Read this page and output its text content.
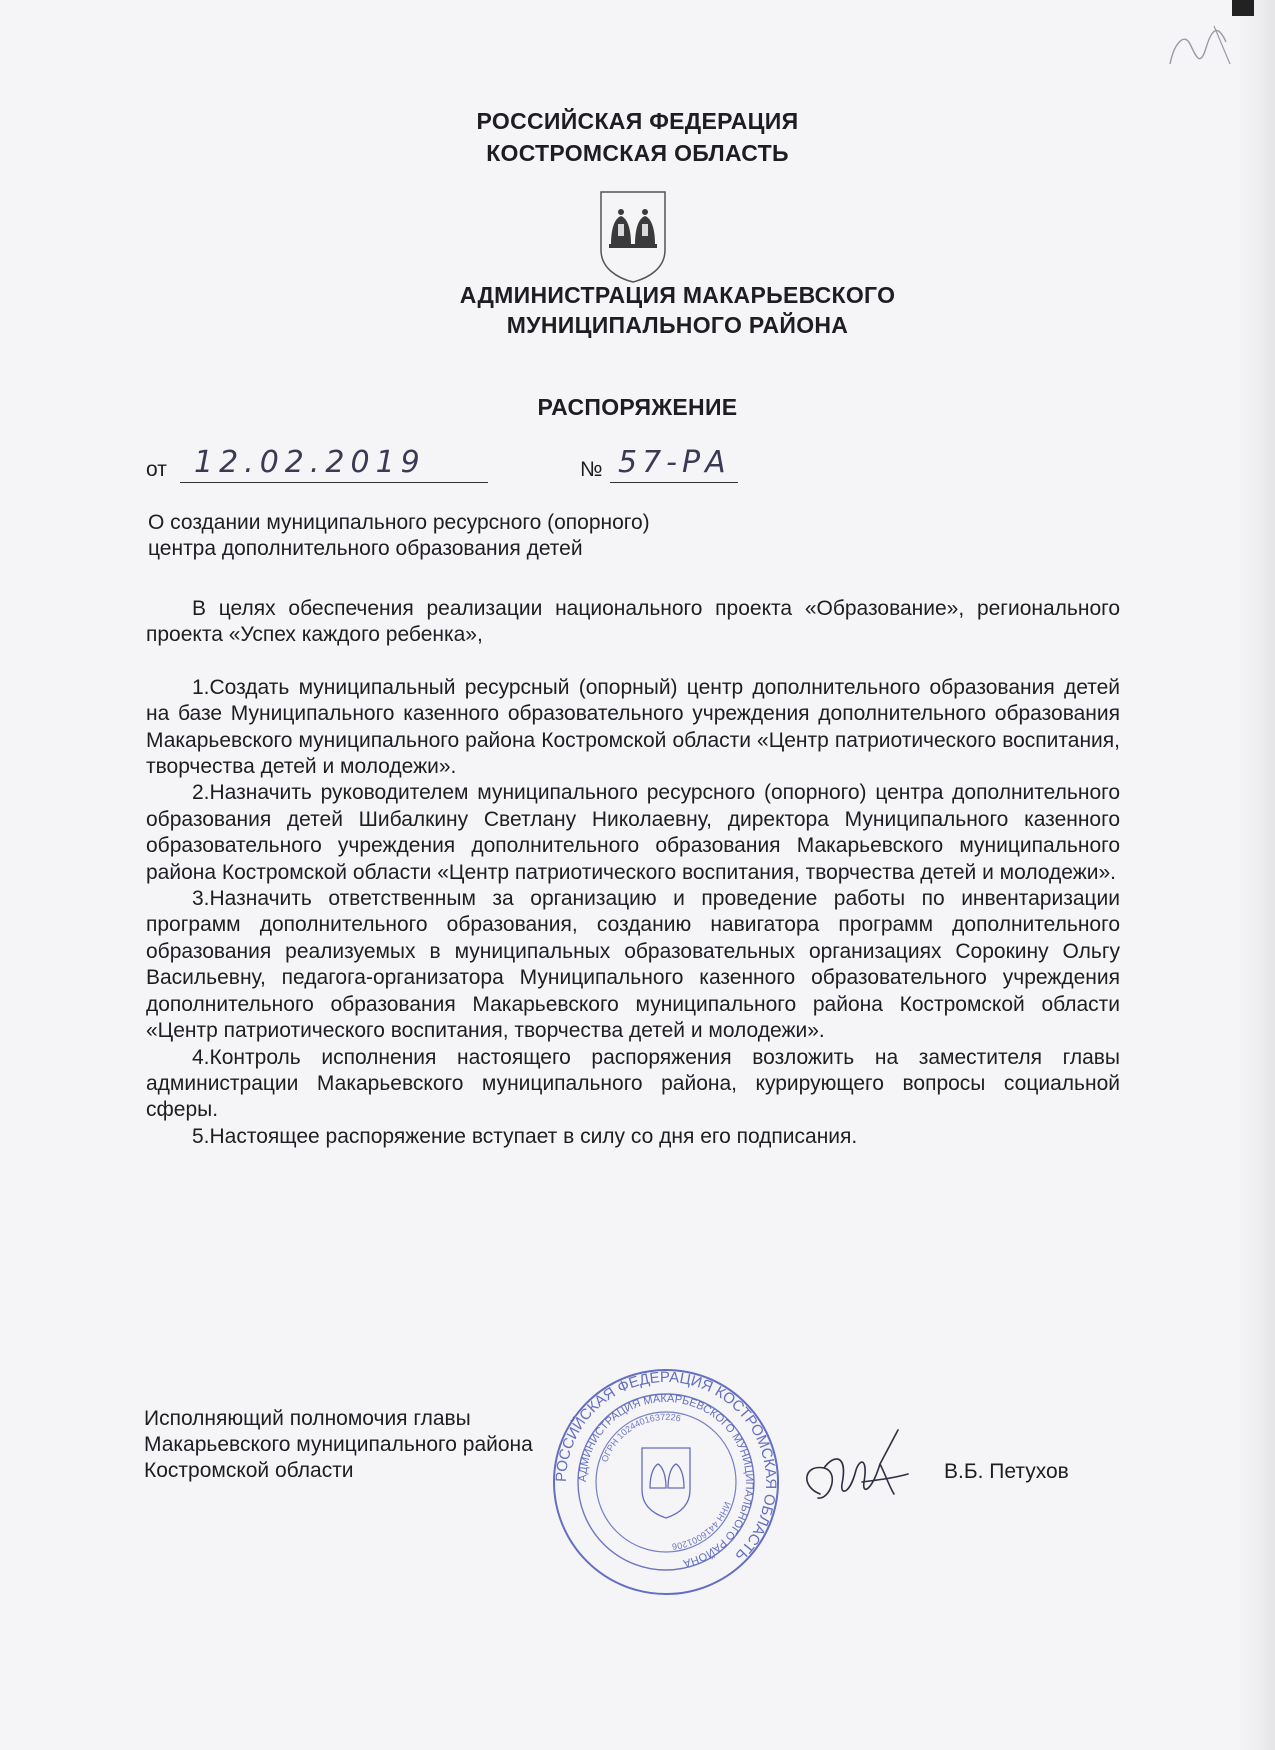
РОССИЙСКАЯ ФЕДЕРАЦИЯ
КОСТРОМСКАЯ ОБЛАСТЬ
АДМИНИСТРАЦИЯ МАКАРЬЕВСКОГО
МУНИЦИПАЛЬНОГО РАЙОНА
РАСПОРЯЖЕНИЕ
от 12.02.2019	№ 57-РА
О создании муниципального ресурсного (опорного)
центра дополнительного образования детей

В целях обеспечения реализации национального проекта «Образование», регионального проекта «Успех каждого ребенка»,

1.Создать муниципальный ресурсный (опорный) центр дополнительного образования детей на базе Муниципального казенного образовательного учреждения дополнительного образования Макарьевского муниципального района Костромской области «Центр патриотического воспитания, творчества детей и молодежи».

2.Назначить руководителем муниципального ресурсного (опорного) центра дополнительного образования детей Шибалкину Светлану Николаевну, директора Муниципального казенного образовательного учреждения дополнительного образования Макарьевского муниципального района Костромской области «Центр патриотического воспитания, творчества детей и молодежи».

3.Назначить ответственным за организацию и проведение работы по инвентаризации программ дополнительного образования, созданию навигатора программ дополнительного образования реализуемых в муниципальных образовательных организациях Сорокину Ольгу Васильевну, педагога-организатора Муниципального казенного образовательного учреждения дополнительного образования Макарьевского муниципального района Костромской области «Центр патриотического воспитания, творчества детей и молодежи».

4.Контроль исполнения настоящего распоряжения возложить на заместителя главы администрации Макарьевского муниципального района, курирующего вопросы социальной сферы.

5.Настоящее распоряжение вступает в силу со дня его подписания.

Исполняющий полномочия главы
Макарьевского муниципального района
Костромской области	РОССИЙСКАЯ ФЕДЕРАЦИЯ КОСТРОМСКАЯ ОБЛАСТЬ
АДМИНИСТРАЦИЯ МАКАРЬЕВСКОГО МУНИЦИПАЛЬНОГО РАЙОНА
ИНН 4416001206
ОГРН 1024401637226
В.Б. Петухов
